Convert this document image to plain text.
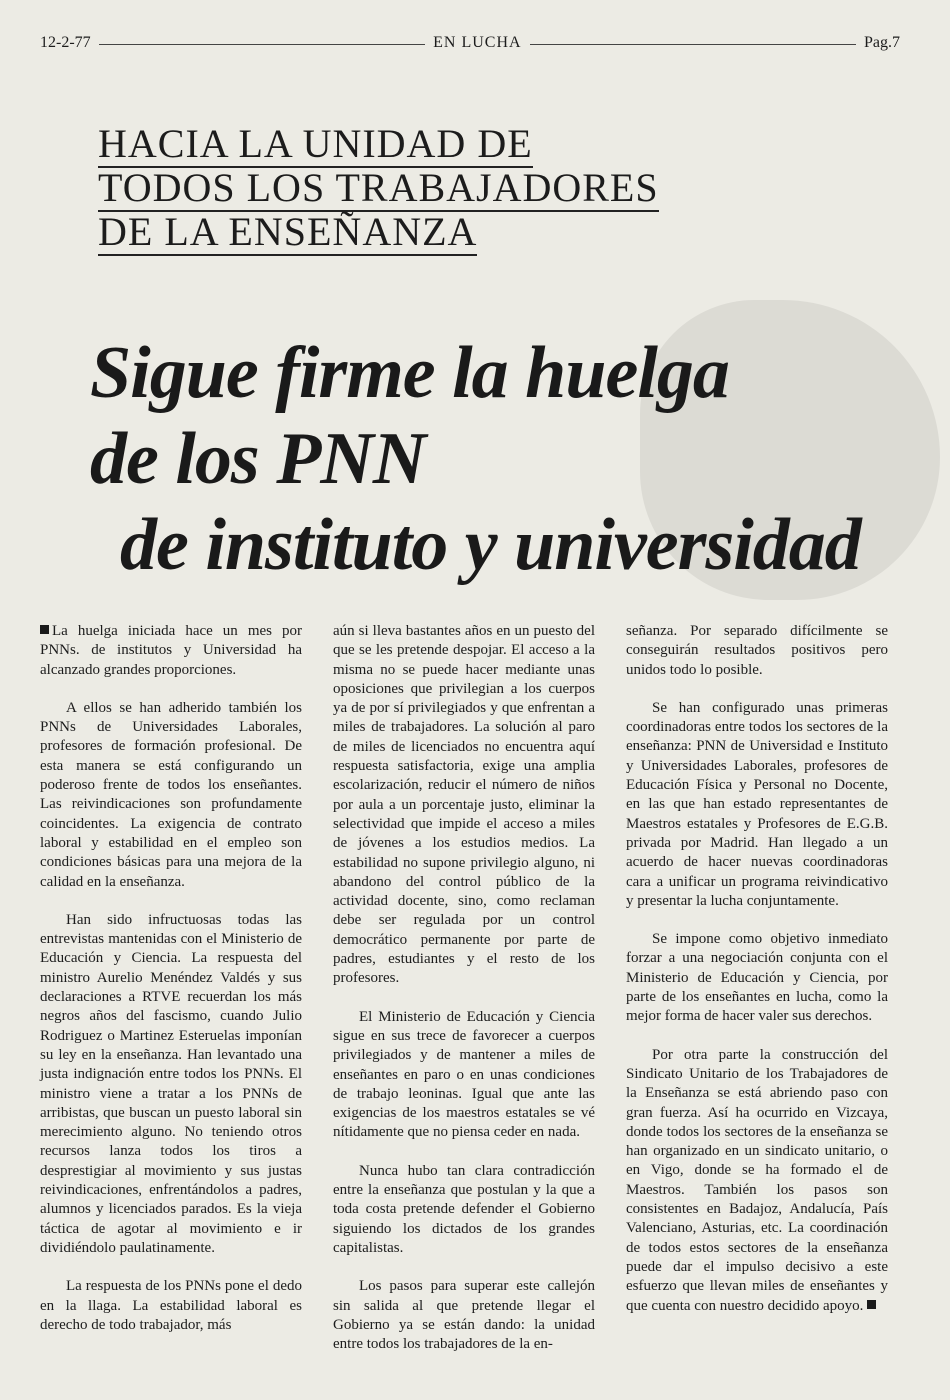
12-2-77	EN LUCHA	Pag.7
HACIA LA UNIDAD DE
TODOS LOS TRABAJADORES
DE LA ENSEÑANZA
Sigue firme la huelga
de los PNN
de instituto y universidad

La huelga iniciada hace un mes por PNNs. de institutos y Universidad ha alcanzado grandes proporciones.

A ellos se han adherido también los PNNs de Universidades Laborales, profesores de formación profesional. De esta manera se está configurando un poderoso frente de todos los enseñantes. Las reivindicaciones son profundamente coincidentes. La exigencia de contrato laboral y estabilidad en el empleo son condiciones básicas para una mejora de la calidad en la enseñanza.

Han sido infructuosas todas las entrevistas mantenidas con el Ministerio de Educación y Ciencia. La respuesta del ministro Aurelio Menéndez Valdés y sus declaraciones a RTVE recuerdan los más negros años del fascismo, cuando Julio Rodriguez o Martinez Esteruelas imponían su ley en la enseñanza. Han levantado una justa indignación entre todos los PNNs. El ministro viene a tratar a los PNNs de arribistas, que buscan un puesto laboral sin merecimiento alguno. No teniendo otros recursos lanza todos los tiros a desprestigiar al movimiento y sus justas reivindicaciones, enfrentándolos a padres, alumnos y licenciados parados. Es la vieja táctica de agotar al movimiento e ir dividiéndolo paulatinamente.

La respuesta de los PNNs pone el dedo en la llaga. La estabilidad laboral es derecho de todo trabajador, más

aún si lleva bastantes años en un puesto del que se les pretende despojar. El acceso a la misma no se puede hacer mediante unas oposiciones que privilegian a los cuerpos ya de por sí privilegiados y que enfrentan a miles de trabajadores. La solución al paro de miles de licenciados no encuentra aquí respuesta satisfactoria, exige una amplia escolarización, reducir el número de niños por aula a un porcentaje justo, eliminar la selectividad que impide el acceso a miles de jóvenes a los estudios medios. La estabilidad no supone privilegio alguno, ni abandono del control público de la actividad docente, sino, como reclaman debe ser regulada por un control democrático permanente por parte de padres, estudiantes y el resto de los profesores.

El Ministerio de Educación y Ciencia sigue en sus trece de favorecer a cuerpos privilegiados y de mantener a miles de enseñantes en paro o en unas condiciones de trabajo leoninas. Igual que ante las exigencias de los maestros estatales se vé nítidamente que no piensa ceder en nada.

Nunca hubo tan clara contradicción entre la enseñanza que postulan y la que a toda costa pretende defender el Gobierno siguiendo los dictados de los grandes capitalistas.

Los pasos para superar este callejón sin salida al que pretende llegar el Gobierno ya se están dando: la unidad entre todos los trabajadores de la en-

señanza. Por separado difícilmente se conseguirán resultados positivos pero unidos todo lo posible.

Se han configurado unas primeras coordinadoras entre todos los sectores de la enseñanza: PNN de Universidad e Instituto y Universidades Laborales, profesores de Educación Física y Personal no Docente, en las que han estado representantes de Maestros estatales y Profesores de E.G.B. privada por Madrid. Han llegado a un acuerdo de hacer nuevas coordinadoras cara a unificar un programa reivindicativo y presentar la lucha conjuntamente.

Se impone como objetivo inmediato forzar a una negociación conjunta con el Ministerio de Educación y Ciencia, por parte de los enseñantes en lucha, como la mejor forma de hacer valer sus derechos.

Por otra parte la construcción del Sindicato Unitario de los Trabajadores de la Enseñanza se está abriendo paso con gran fuerza. Así ha ocurrido en Vizcaya, donde todos los sectores de la enseñanza se han organizado en un sindicato unitario, o en Vigo, donde se ha formado el de Maestros. También los pasos son consistentes en Badajoz, Andalucía, País Valenciano, Asturias, etc. La coordinación de todos estos sectores de la enseñanza puede dar el impulso decisivo a este esfuerzo que llevan miles de enseñantes y que cuenta con nuestro decidido apoyo.
